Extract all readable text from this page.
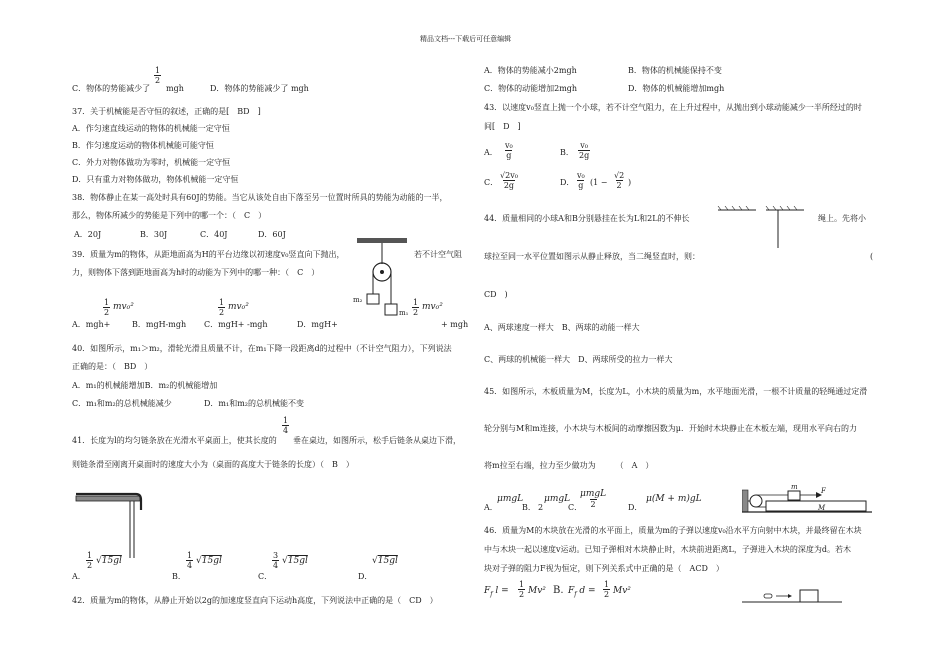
精品文档---下载后可任意编辑
C．物体的势能减少了
$\frac{1}{2}$
mgh	D．物体的势能减少了 mgh
37．关于机械能是否守恒的叙述，正确的是[　BD　]
A．作匀速直线运动的物体的机械能一定守恒
B．作匀速度运动的物体机械能可能守恒
C．外力对物体做功为零时，机械能一定守恒
D．只有重力对物体做功，物体机械能一定守恒
38．物体静止在某一高处时具有60J的势能。当它从该处自由下落至另一位置时所具的势能为动能的一半，
那么，物体所减少的势能是下列中的哪一个：（　C　）
A．20J	B．30J	C．40J	D．60J
39．质量为m的物体，从距地面高为H的平台边缘以初速度v₀竖直向下抛出，	若不计空气阻
力，则物体下落到距地面高为h时的动能为下列中的哪一种：（　C　）
m₂
m₁
$\frac{1}{2} mv_0^2$	$\frac{1}{2} mv_0^2$	$\frac{1}{2} mv_0^2$
A．mgh+	B．mgH-mgh C．mgH+ -mgh	D．mgH+	+ mgh
40．如图所示，m₁＞m₂，滑轮光滑且质量不计，在m₁下降一段距离d的过程中（不计空气阻力），下列说法
正确的是：（　BD　）
A．m₁的机械能增加B．m₂的机械能增加
C．m₁和m₂的总机械能减少	D．m₁和m₂的总机械能不变
41．长度为l的均匀链条放在光滑水平桌面上，使其长度的
$\frac{1}{4}$
垂在桌边，如图所示，松手后链条从桌边下滑，
则链条滑至刚离开桌面时的速度大小为（桌面的高度大于链条的长度）（　B　）
$\frac{1}{2} √15gl$	$\frac{1}{4} √15gl$	$\frac{3}{4} √15gl$	√15gl
A．	B．	C．	D．
42．质量为m的物体，从静止开始以2g的加速度竖直向下运动h高度，下列说法中正确的是（　CD　）
A．物体的势能减小2mgh	B．物体的机械能保持不变
C．物体的动能增加2mgh	D．物体的机械能增加mgh
43．以速度v₀竖直上抛一个小球，若不计空气阻力，在上升过程中，从抛出到小球动能减少一半所经过的时
间[　D　]
A． $\frac{\text{v₀}}{g}$	B． $\frac{\text{v₀}}{2g}$
C． $\frac{\text{√2v₀}}{2g}$	D． $\frac{\text{v₀}}{g} (1 - \frac{√2}{2}$ )
44．质量相同的小球A和B分别悬挂在长为L和2L的不伸长	绳上。先将小
球拉至同一水平位置如图示从静止释放，当二绳竖直时，则：	(
CD　)
A、两球速度一样大　B、两球的动能一样大
C、两球的机械能一样大　D、两球所受的拉力一样大
45．如图所示，木板质量为M，长度为L，小木块的质量为m，水平地面光滑，一根不计质量的轻绳通过定滑
轮分别与M和m连接，小木块与木板间的动摩擦因数为μ．开始时木块静止在木板左端，现用水平向右的力
将m拉至右端，拉力至少做功为　　　（　A　）
A．
μmgL
B． 2
μmgL
C．
μmgL
2	D．
μ(M + m)gL
m	F
M
46．质量为M的木块放在光滑的水平面上，质量为m的子弹以速度v₀沿水平方向射中木块，并最终留在木块
中与木块一起以速度v运动。已知子弹相对木块静止时，木块前进距离L，子弹进入木块的深度为d。若木
块对子弹的阻力F视为恒定，则下列关系式中正确的是（　ACD　）
$F_f$ $l = \frac{1}{2} Mv^2$ B. $F_f$ $d = \frac{1}{2} Mv^2$
